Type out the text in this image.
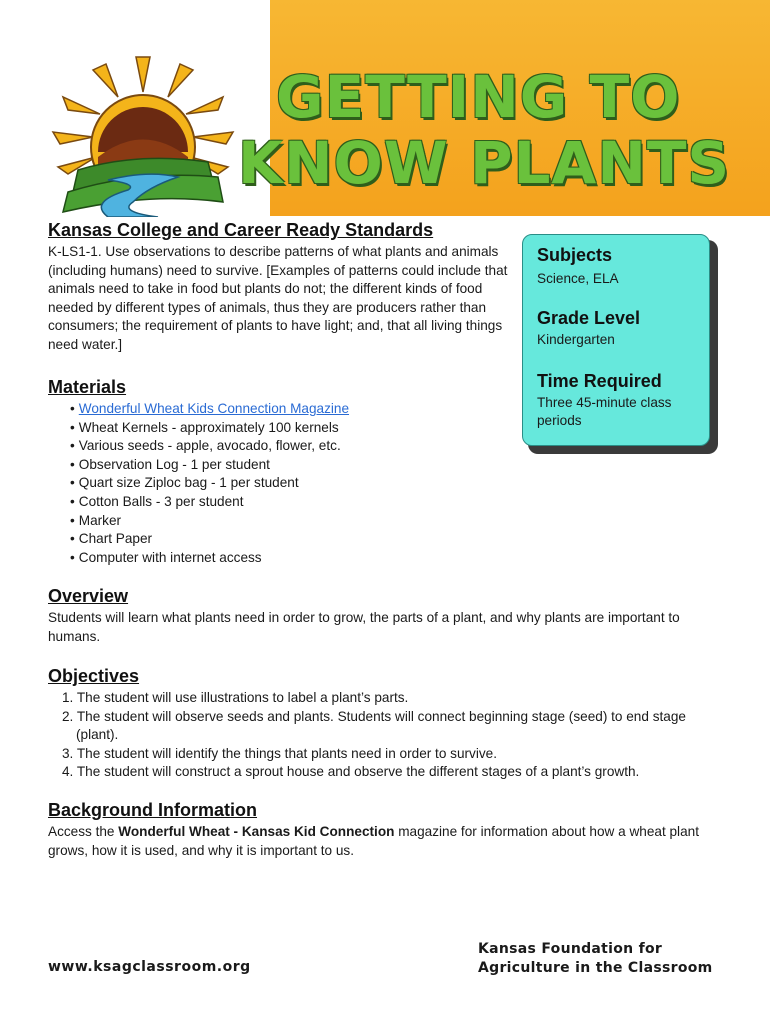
GETTING TO
KNOW PLANTS
Kansas College and Career Ready Standards

K-LS1-1. Use observations to describe patterns of what plants and animals (including humans) need to survive. [Examples of patterns could include that animals need to take in food but plants do not; the different kinds of food needed by different types of animals, thus they are producers rather than consumers; the requirement of plants to have light; and, that all living things need water.]

Subjects

Science, ELA

Grade Level

Kindergarten

Time Required

Three 45-minute class periods

Materials
• Wonderful Wheat Kids Connection Magazine
• Wheat Kernels - approximately 100 kernels
• Various seeds - apple, avocado, flower, etc.
• Observation Log - 1 per student
• Quart size Ziploc bag - 1 per student
• Cotton Balls - 3 per student
• Marker
• Chart Paper
• Computer with internet access
Overview

Students will learn what plants need in order to grow, the parts of a plant, and why plants are important to humans.

Objectives
1. The student will use illustrations to label a plant’s parts.
2. The student will observe seeds and plants. Students will connect beginning stage (seed) to end stage (plant).
3. The student will identify the things that plants need in order to survive.
4. The student will construct a sprout house and observe the different stages of a plant’s growth.
Background Information

Access the Wonderful Wheat - Kansas Kid Connection magazine for information about how a wheat plant grows, how it is used, and why it is important to us.

www.ksagclassroom.org
Kansas Foundation for
Agriculture in the Classroom
